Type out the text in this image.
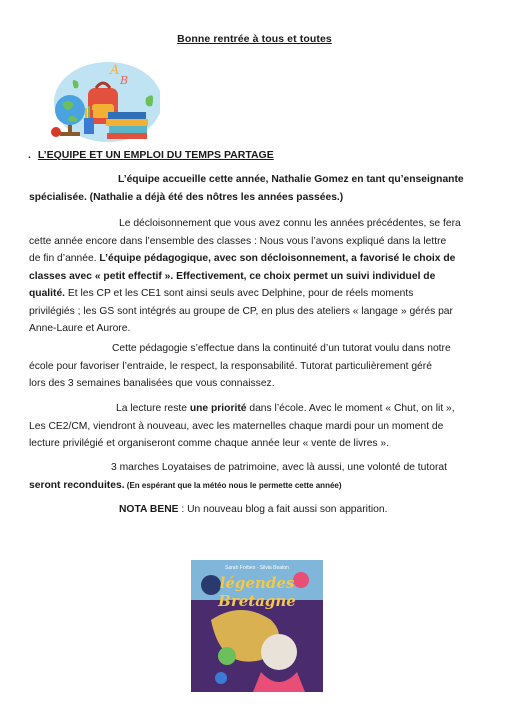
Bonne rentrée à tous et toutes
A
B
. L’EQUIPE ET UN EMPLOI DU TEMPS PARTAGE
L’équipe accueille cette année, Nathalie Gomez en tant qu’enseignante
spécialisée. (Nathalie a déjà été des nôtres les années passées.)
Le décloisonnement que vous avez connu les années précédentes, se fera
cette année encore dans l’ensemble des classes : Nous vous l’avons expliqué dans la lettre
de fin d’année. L’équipe pédagogique, avec son décloisonnement, a favorisé le choix de
classes avec « petit effectif ». Effectivement, ce choix permet un suivi individuel de
qualité. Et les CP et les CE1 sont ainsi seuls avec Delphine, pour de réels moments
privilégiés ; les GS sont intégrés au groupe de CP, en plus des ateliers « langage » gérés par
Anne-Laure et Aurore.
Cette pédagogie s’effectue dans la continuité d’un tutorat voulu dans notre
école pour favoriser l’entraide, le respect, la responsabilité. Tutorat particulièrement géré
lors des 3 semaines banalisées que vous connaissez.
La lecture reste une priorité dans l’école. Avec le moment « Chut, on lit »,
Les CE2/CM, viendront à nouveau, avec les maternelles chaque mardi pour un moment de
lecture privilégié et organiseront comme chaque année leur « vente de livres ».
3 marches Loyataises de patrimoine, avec là aussi, une volonté de tutorat
seront reconduites. (En espérant que la météo nous le permette cette année)
NOTA BENE : Un nouveau blog a fait aussi son apparition.
Sarah Forbes · Silvia Beaton
légendes
Bretagne
